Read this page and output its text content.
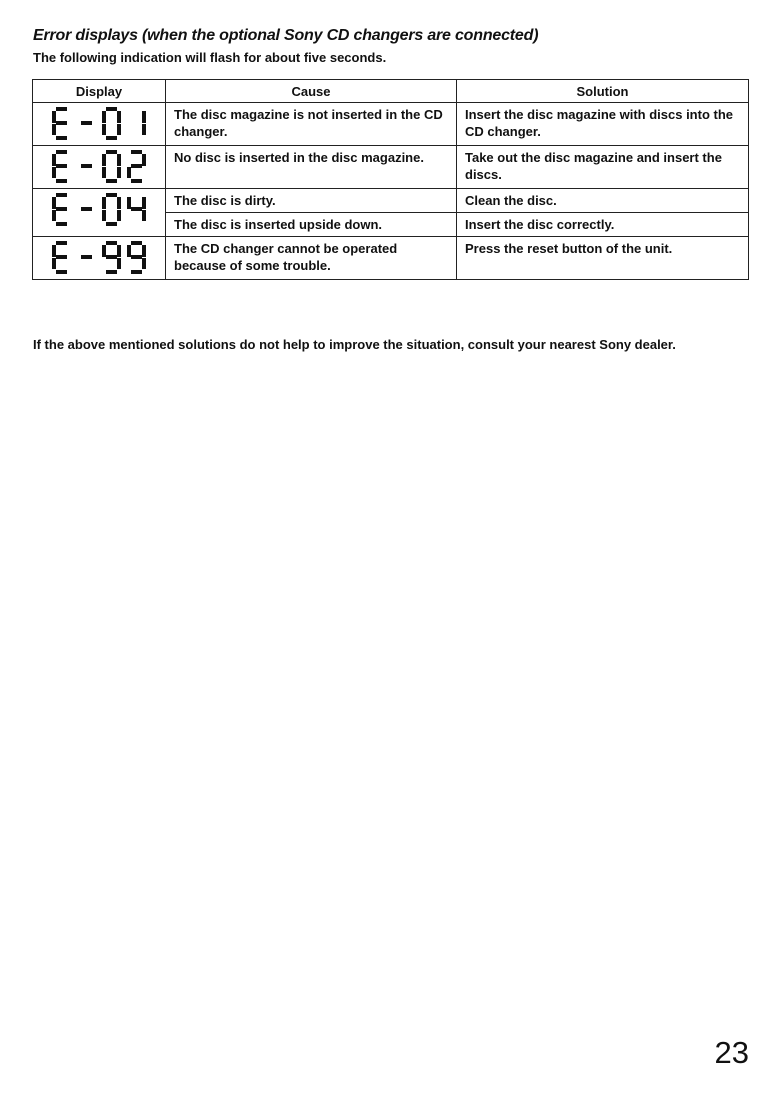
Error displays (when the optional Sony CD changers are connected)
The following indication will flash for about five seconds.
Display	Cause	Solution

	The disc magazine is not inserted in the CD changer.	Insert the disc magazine with discs into the CD changer.

	No disc is inserted in the disc magazine.	Take out the disc magazine and insert the discs.

	The disc is dirty.	Clean the disc.
	The disc is inserted upside down.	Insert the disc correctly.

	The CD changer cannot be operated because of some trouble.	Press the reset button of the unit.
If the above mentioned solutions do not help to improve the situation, consult your nearest Sony dealer.
23
